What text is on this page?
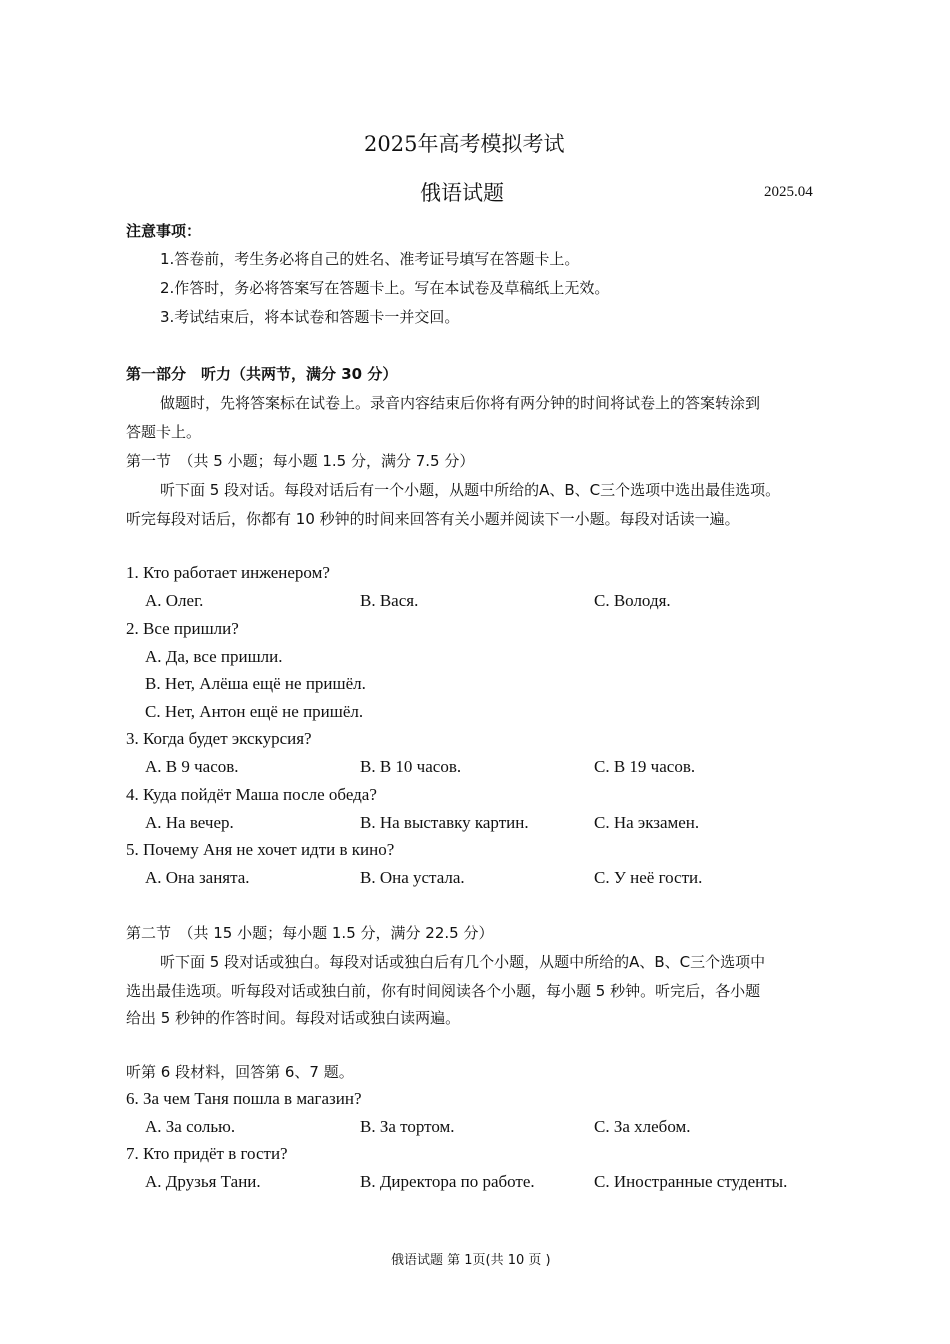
2025年高考模拟考试
俄语试题	2025.04
注意事项：
1.答卷前，考生务必将自己的姓名、准考证号填写在答题卡上。
2.作答时，务必将答案写在答题卡上。写在本试卷及草稿纸上无效。
3.考试结束后，将本试卷和答题卡一并交回。
第一部分　听力（共两节，满分 30 分）
做题时，先将答案标在试卷上。录音内容结束后你将有两分钟的时间将试卷上的答案转涂到
答题卡上。
第一节　（共 5 小题；每小题 1.5 分，满分 7.5 分）
听下面 5 段对话。每段对话后有一个小题，从题中所给的A、B、C三个选项中选出最佳选项。
听完每段对话后，你都有 10 秒钟的时间来回答有关小题并阅读下一小题。每段对话读一遍。
1. Кто работает инженером?
A. Олег.	B. Вася.	C. Володя.
2. Все пришли?
A. Да, все пришли.
B. Нет, Алёша ещё не пришёл.
C. Нет, Антон ещё не пришёл.
3. Когда будет экскурсия?
A. В 9 часов.	B. В 10 часов.	C. В 19 часов.
4. Куда пойдёт Маша после обеда?
A. На вечер.	B. На выставку картин.	C. На экзамен.
5. Почему Аня не хочет идти в кино?
A. Она занята.	B. Она устала.	C. У неё гости.
第二节　（共 15 小题；每小题 1.5 分，满分 22.5 分）
听下面 5 段对话或独白。每段对话或独白后有几个小题，从题中所给的A、B、C三个选项中
选出最佳选项。听每段对话或独白前，你有时间阅读各个小题，每小题 5 秒钟。听完后，各小题
给出 5 秒钟的作答时间。每段对话或独白读两遍。
听第 6 段材料，回答第 6、7 题。
6. За чем Таня пошла в магазин?
A. За солью.	B. За тортом.	C. За хлебом.
7. Кто придёт в гости?
A. Друзья Тани.	B. Директора по работе.	C. Иностранные студенты.
俄语试题 第 1页(共 10 页 )
